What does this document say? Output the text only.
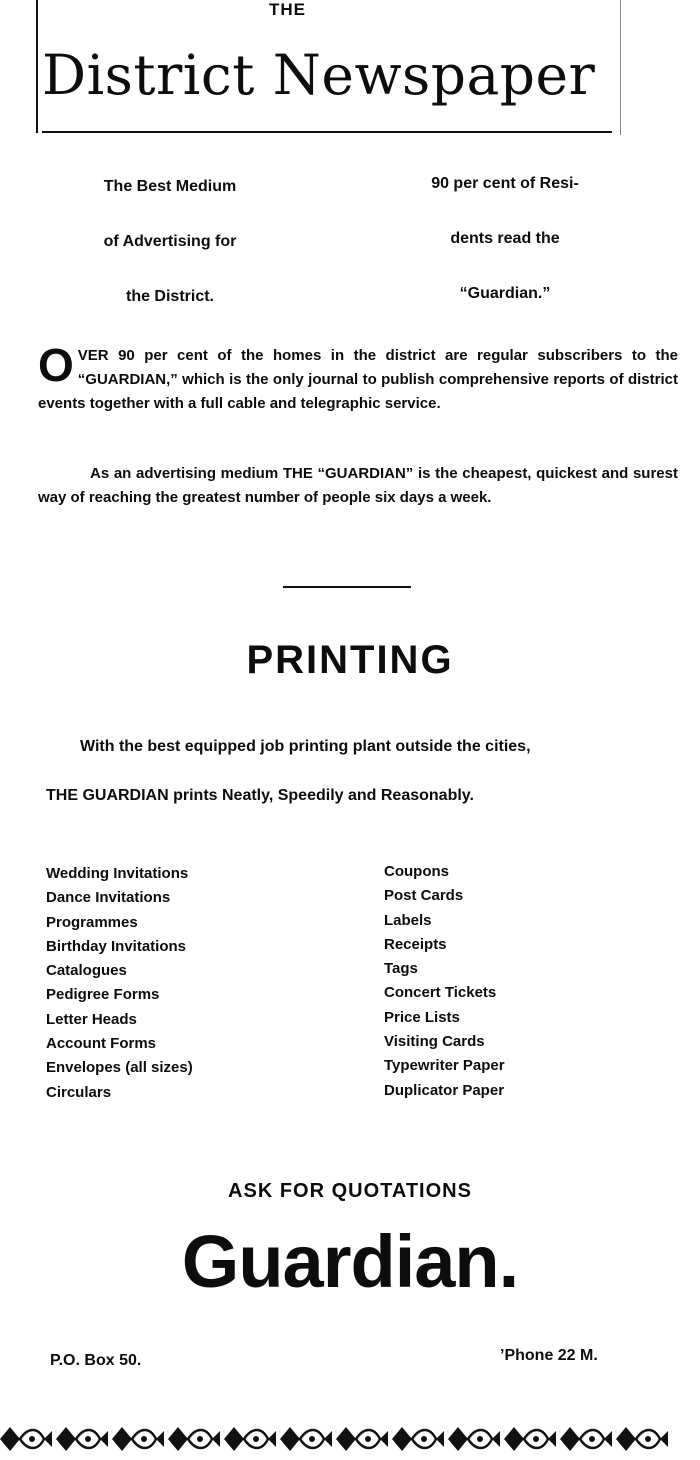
THE
District Newspaper
The Best Medium
of Advertising for
the District.
90 per cent of Resi-
dents read the
“Guardian.”
OVER 90 per cent of the homes in the district are regular subscribers to the “GUARDIAN,” which is the only journal to publish comprehensive reports of district events together with a full cable and telegraphic service.
As an advertising medium THE “GUARDIAN” is the cheapest, quickest and surest way of reaching the greatest number of people six days a week.
PRINTING
With the best equipped job printing plant outside the cities,
THE GUARDIAN prints Neatly, Speedily and Reasonably.
Wedding Invitations
Dance Invitations
Programmes
Birthday Invitations
Catalogues
Pedigree Forms
Letter Heads
Account Forms
Envelopes (all sizes)
Circulars
Coupons
Post Cards
Labels
Receipts
Tags
Concert Tickets
Price Lists
Visiting Cards
Typewriter Paper
Duplicator Paper
ASK FOR QUOTATIONS
Guardian.
P.O. Box 50.	’Phone 22 M.
